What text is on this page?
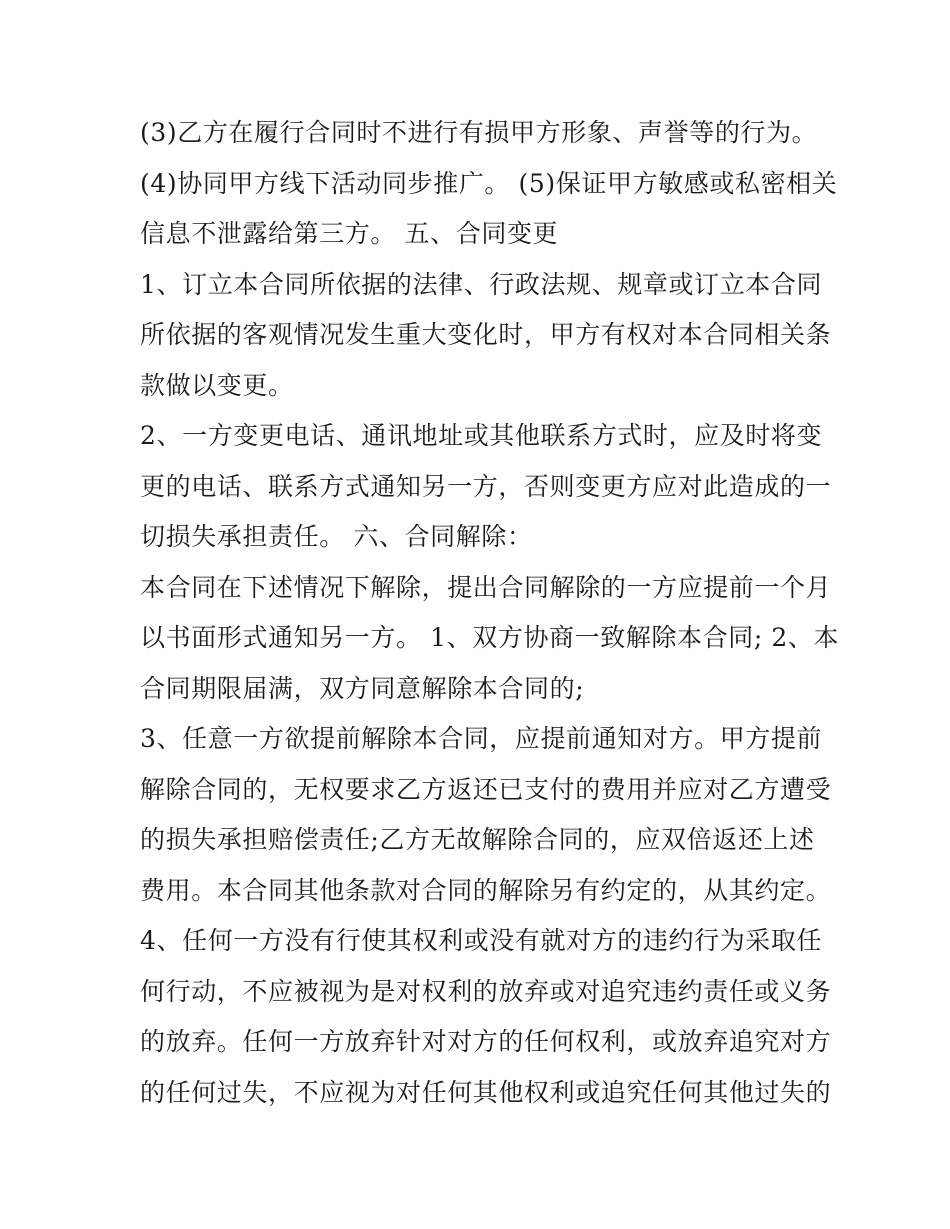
(3)乙方在履行合同时不进行有损甲方形象、声誉等的行为。
(4)协同甲方线下活动同步推广。 (5)保证甲方敏感或私密相关
信息不泄露给第三方。 五、合同变更
1、订立本合同所依据的法律、行政法规、规章或订立本合同
所依据的客观情况发生重大变化时，甲方有权对本合同相关条
款做以变更。
2、一方变更电话、通讯地址或其他联系方式时，应及时将变
更的电话、联系方式通知另一方，否则变更方应对此造成的一
切损失承担责任。 六、合同解除：
本合同在下述情况下解除，提出合同解除的一方应提前一个月
以书面形式通知另一方。 1、双方协商一致解除本合同; 2、本
合同期限届满，双方同意解除本合同的;
3、任意一方欲提前解除本合同，应提前通知对方。甲方提前
解除合同的，无权要求乙方返还已支付的费用并应对乙方遭受
的损失承担赔偿责任;乙方无故解除合同的，应双倍返还上述
费用。本合同其他条款对合同的解除另有约定的，从其约定。
4、任何一方没有行使其权利或没有就对方的违约行为采取任
何行动，不应被视为是对权利的放弃或对追究违约责任或义务
的放弃。任何一方放弃针对对方的任何权利，或放弃追究对方
的任何过失，不应视为对任何其他权利或追究任何其他过失的
